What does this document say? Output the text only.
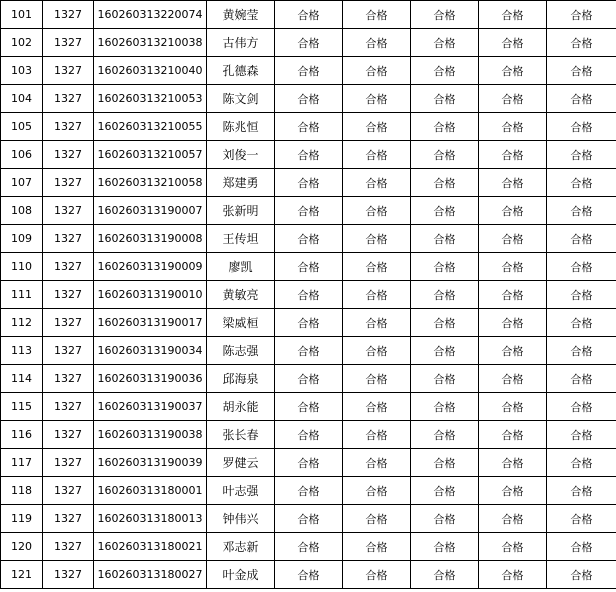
101	1327	160260313220074	黄婉莹	合格	合格	合格	合格	合格
102	1327	160260313210038	古伟方	合格	合格	合格	合格	合格
103	1327	160260313210040	孔德森	合格	合格	合格	合格	合格
104	1327	160260313210053	陈文剑	合格	合格	合格	合格	合格
105	1327	160260313210055	陈兆恒	合格	合格	合格	合格	合格
106	1327	160260313210057	刘俊一	合格	合格	合格	合格	合格
107	1327	160260313210058	郑建勇	合格	合格	合格	合格	合格
108	1327	160260313190007	张新明	合格	合格	合格	合格	合格
109	1327	160260313190008	王传坦	合格	合格	合格	合格	合格
110	1327	160260313190009	廖凯	合格	合格	合格	合格	合格
111	1327	160260313190010	黄敏亮	合格	合格	合格	合格	合格
112	1327	160260313190017	梁威桓	合格	合格	合格	合格	合格
113	1327	160260313190034	陈志强	合格	合格	合格	合格	合格
114	1327	160260313190036	邱海泉	合格	合格	合格	合格	合格
115	1327	160260313190037	胡永能	合格	合格	合格	合格	合格
116	1327	160260313190038	张长春	合格	合格	合格	合格	合格
117	1327	160260313190039	罗健云	合格	合格	合格	合格	合格
118	1327	160260313180001	叶志强	合格	合格	合格	合格	合格
119	1327	160260313180013	钟伟兴	合格	合格	合格	合格	合格
120	1327	160260313180021	邓志新	合格	合格	合格	合格	合格
121	1327	160260313180027	叶金成	合格	合格	合格	合格	合格
